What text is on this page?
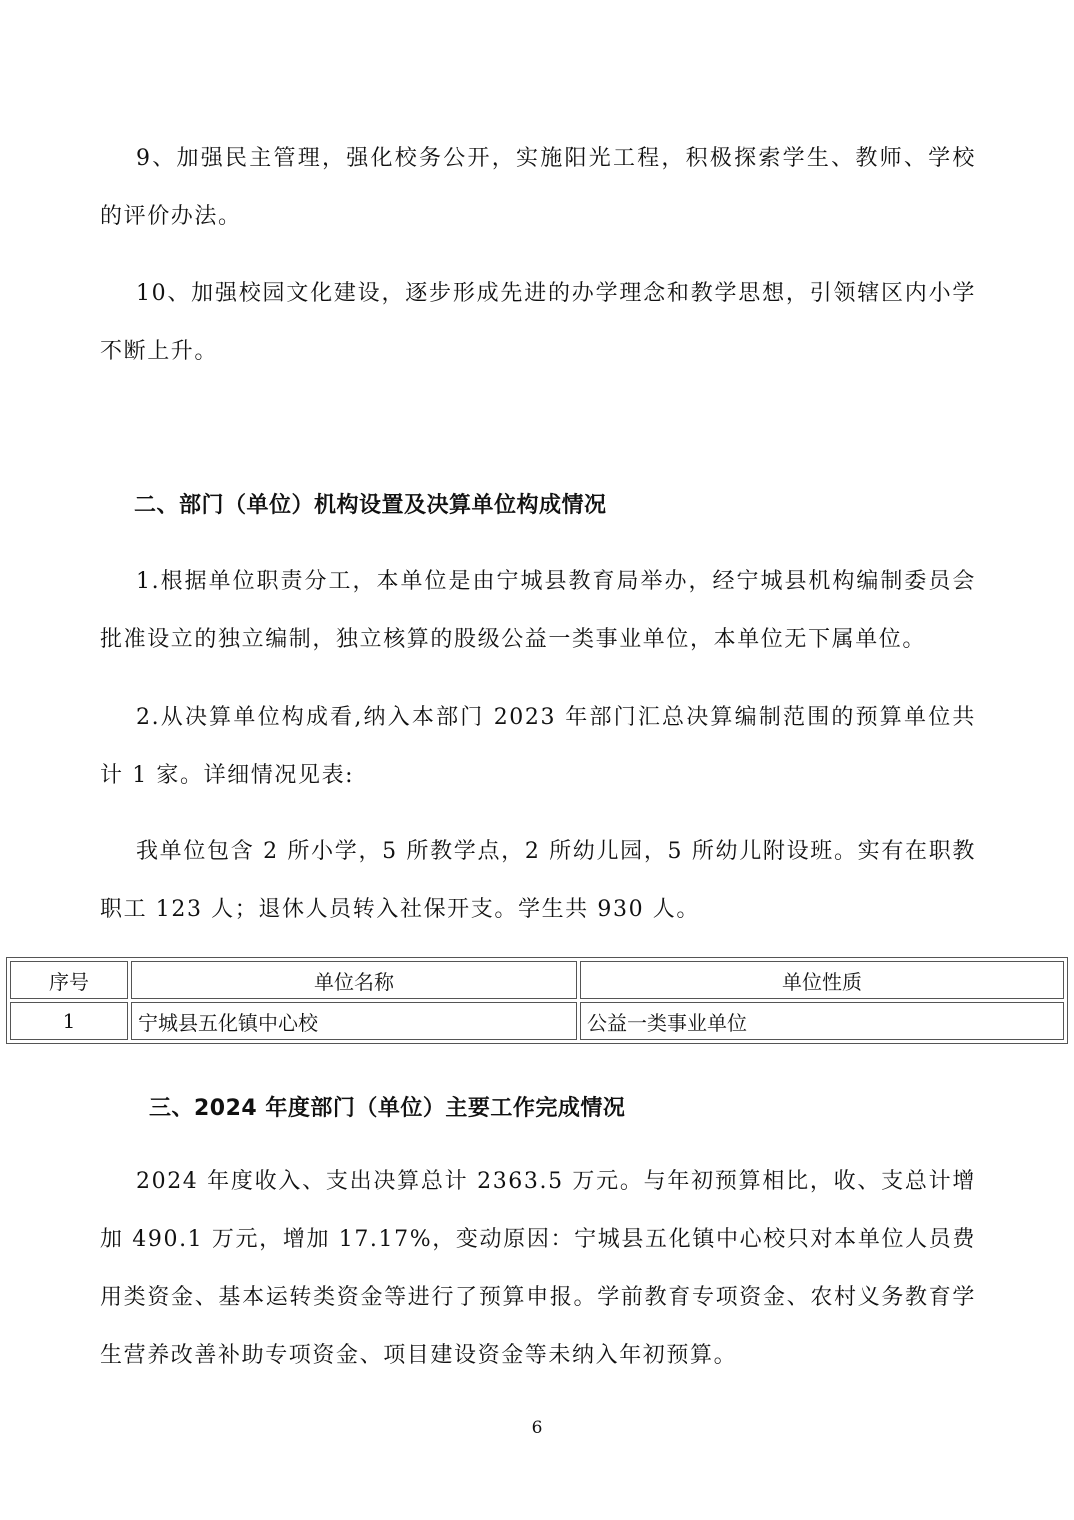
9、加强民主管理，强化校务公开，实施阳光工程，积极探索学生、教师、学校的评价办法。

10、加强校园文化建设，逐步形成先进的办学理念和教学思想，引领辖区内小学不断上升。

二、部门（单位）机构设置及决算单位构成情况

1.根据单位职责分工，本单位是由宁城县教育局举办，经宁城县机构编制委员会批准设立的独立编制，独立核算的股级公益一类事业单位，本单位无下属单位。

2.从决算单位构成看,纳入本部门 2023 年部门汇总决算编制范围的预算单位共计 1 家。详细情况见表:

我单位包含 2 所小学，5 所教学点，2 所幼儿园，5 所幼儿附设班。实有在职教职工 123 人；退休人员转入社保开支。学生共 930 人。

序号	单位名称	单位性质
1	宁城县五化镇中心校	公益一类事业单位
三、2024 年度部门（单位）主要工作完成情况

2024 年度收入、支出决算总计 2363.5 万元。与年初预算相比，收、支总计增加 490.1 万元，增加 17.17%，变动原因：宁城县五化镇中心校只对本单位人员费用类资金、基本运转类资金等进行了预算申报。学前教育专项资金、农村义务教育学生营养改善补助专项资金、项目建设资金等未纳入年初预算。

6
